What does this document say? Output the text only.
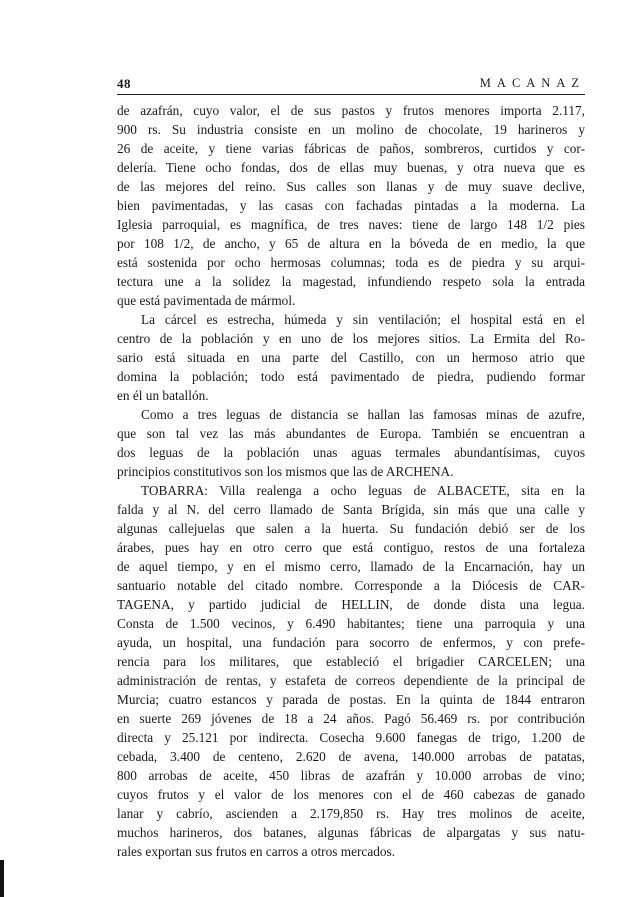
48	MACANAZ
de azafrán, cuyo valor, el de sus pastos y frutos menores importa 2.117,
900 rs. Su industria consiste en un molino de chocolate, 19 harineros y
26 de aceite, y tiene varias fábricas de paños, sombreros, curtidos y cor-
delería. Tiene ocho fondas, dos de ellas muy buenas, y otra nueva que es
de las mejores del reino. Sus calles son llanas y de muy suave declive,
bien pavimentadas, y las casas con fachadas pintadas a la moderna. La
Iglesia parroquial, es magnífica, de tres naves: tiene de largo 148 1/2 pies
por 108 1/2, de ancho, y 65 de altura en la bóveda de en medio, la que
está sostenida por ocho hermosas columnas; toda es de piedra y su arqui-
tectura une a la solidez la magestad, infundiendo respeto sola la entrada
que está pavimentada de mármol.
La cárcel es estrecha, húmeda y sin ventilación; el hospital está en el
centro de la población y en uno de los mejores sitios. La Ermita del Ro-
sario está situada en una parte del Castillo, con un hermoso atrio que
domina la población; todo está pavimentado de piedra, pudiendo formar
en él un batallón.
Como a tres leguas de distancia se hallan las famosas minas de azufre,
que son tal vez las más abundantes de Europa. También se encuentran a
dos leguas de la población unas aguas termales abundantísimas, cuyos
principios constitutivos son los mismos que las de ARCHENA.
TOBARRA: Villa realenga a ocho leguas de ALBACETE, sita en la
falda y al N. del cerro llamado de Santa Brígida, sin más que una calle y
algunas callejuelas que salen a la huerta. Su fundación debió ser de los
árabes, pues hay en otro cerro que está contiguo, restos de una fortaleza
de aquel tiempo, y en el mismo cerro, llamado de la Encarnación, hay un
santuario notable del citado nombre. Corresponde a la Diócesis de CAR-
TAGENA, y partido judicial de HELLIN, de donde dista una legua.
Consta de 1.500 vecinos, y 6.490 habitantes; tiene una parroquia y una
ayuda, un hospital, una fundación para socorro de enfermos, y con prefe-
rencia para los militares, que estableció el brigadier CARCELEN; una
administración de rentas, y estafeta de correos dependiente de la principal de
Murcia; cuatro estancos y parada de postas. En la quinta de 1844 entraron
en suerte 269 jóvenes de 18 a 24 años. Pagó 56.469 rs. por contribución
directa y 25.121 por indirecta. Cosecha 9.600 fanegas de trigo, 1.200 de
cebada, 3.400 de centeno, 2.620 de avena, 140.000 arrobas de patatas,
800 arrobas de aceite, 450 libras de azafrán y 10.000 arrobas de vino;
cuyos frutos y el valor de los menores con el de 460 cabezas de ganado
lanar y cabrío, ascienden a 2.179,850 rs. Hay tres molinos de aceite,
muchos harineros, dos batanes, algunas fábricas de alpargatas y sus natu-
rales exportan sus frutos en carros a otros mercados.
